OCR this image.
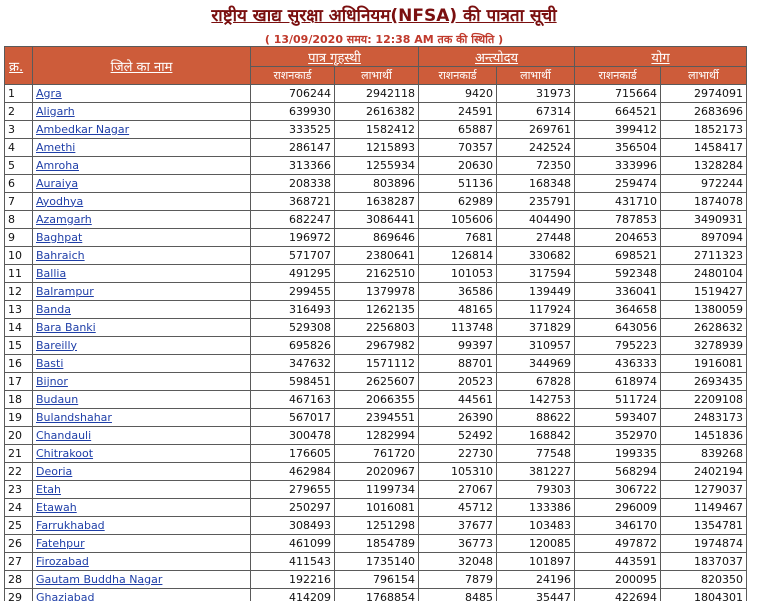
राष्ट्रीय खाद्य सुरक्षा अधिनियम(NFSA) की पात्रता सूची
( 13/09/2020 समय: 12:38 AM तक की स्थिति )
क्र.	जिले का नाम	पात्र गृहस्थी		अन्त्योदय		योग	
		राशनकार्ड	लाभार्थी	राशनकार्ड	लाभार्थी	राशनकार्ड	लाभार्थी
1	Agra	706244	2942118	9420	31973	715664	2974091
2	Aligarh	639930	2616382	24591	67314	664521	2683696
3	Ambedkar Nagar	333525	1582412	65887	269761	399412	1852173
4	Amethi	286147	1215893	70357	242524	356504	1458417
5	Amroha	313366	1255934	20630	72350	333996	1328284
6	Auraiya	208338	803896	51136	168348	259474	972244
7	Ayodhya	368721	1638287	62989	235791	431710	1874078
8	Azamgarh	682247	3086441	105606	404490	787853	3490931
9	Baghpat	196972	869646	7681	27448	204653	897094
10	Bahraich	571707	2380641	126814	330682	698521	2711323
11	Ballia	491295	2162510	101053	317594	592348	2480104
12	Balrampur	299455	1379978	36586	139449	336041	1519427
13	Banda	316493	1262135	48165	117924	364658	1380059
14	Bara Banki	529308	2256803	113748	371829	643056	2628632
15	Bareilly	695826	2967982	99397	310957	795223	3278939
16	Basti	347632	1571112	88701	344969	436333	1916081
17	Bijnor	598451	2625607	20523	67828	618974	2693435
18	Budaun	467163	2066355	44561	142753	511724	2209108
19	Bulandshahar	567017	2394551	26390	88622	593407	2483173
20	Chandauli	300478	1282994	52492	168842	352970	1451836
21	Chitrakoot	176605	761720	22730	77548	199335	839268
22	Deoria	462984	2020967	105310	381227	568294	2402194
23	Etah	279655	1199734	27067	79303	306722	1279037
24	Etawah	250297	1016081	45712	133386	296009	1149467
25	Farrukhabad	308493	1251298	37677	103483	346170	1354781
26	Fatehpur	461099	1854789	36773	120085	497872	1974874
27	Firozabad	411543	1735140	32048	101897	443591	1837037
28	Gautam Buddha Nagar	192216	796154	7879	24196	200095	820350
29	Ghaziabad	414209	1768854	8485	35447	422694	1804301
